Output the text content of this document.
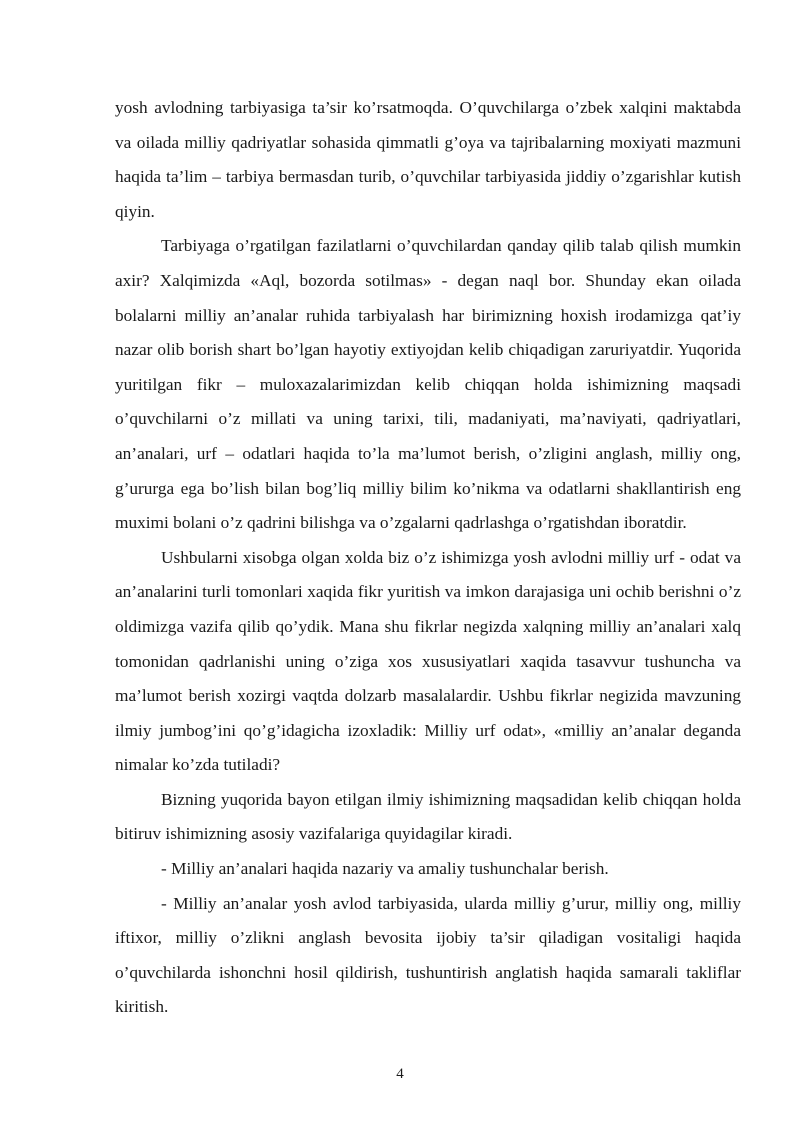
yosh avlodning tarbiyasiga ta’sir ko’rsatmoqda. O’quvchilarga o’zbek xalqini maktabda va oilada milliy qadriyatlar sohasida qimmatli g’oya va tajribalarning moxiyati mazmuni haqida ta’lim – tarbiya bermasdan turib, o’quvchilar tarbiyasida jiddiy o’zgarishlar kutish qiyin.

Tarbiyaga o’rgatilgan fazilatlarni o’quvchilardan qanday qilib talab qilish mumkin axir? Xalqimizda «Aql, bozorda sotilmas» - degan naql bor. Shunday ekan oilada bolalarni milliy an’analar ruhida tarbiyalash har birimizning hoxish irodamizga qat’iy nazar olib borish shart bo’lgan hayotiy extiyojdan kelib chiqadigan zaruriyatdir. Yuqorida yuritilgan fikr – muloxazalarimizdan kelib chiqqan holda ishimizning maqsadi o’quvchilarni o’z millati va uning tarixi, tili, madaniyati, ma’naviyati, qadriyatlari, an’analari, urf – odatlari haqida to’la ma’lumot berish, o’zligini anglash, milliy ong, g’ururga ega bo’lish bilan bog’liq milliy bilim ko’nikma va odatlarni shakllantirish eng muximi bolani o’z qadrini bilishga va o’zgalarni qadrlashga o’rgatishdan iboratdir.

Ushbularni xisobga olgan xolda biz o’z ishimizga yosh avlodni milliy urf - odat va an’analarini turli tomonlari xaqida fikr yuritish va imkon darajasiga uni ochib berishni o’z oldimizga vazifa qilib qo’ydik. Mana shu fikrlar negizda xalqning milliy an’analari xalq tomonidan qadrlanishi uning o’ziga xos xususiyatlari xaqida tasavvur tushuncha va ma’lumot berish xozirgi vaqtda dolzarb masalalardir. Ushbu fikrlar negizida mavzuning ilmiy jumbog’ini qo’g’idagicha izoxladik: Milliy urf odat», «milliy an’analar deganda nimalar ko’zda tutiladi?

Bizning yuqorida bayon etilgan ilmiy ishimizning maqsadidan kelib chiqqan holda bitiruv ishimizning asosiy vazifalariga quyidagilar kiradi.

- Milliy an’analari haqida nazariy va amaliy tushunchalar berish.

- Milliy an’analar yosh avlod tarbiyasida, ularda milliy g’urur, milliy ong, milliy iftixor, milliy o’zlikni anglash bevosita ijobiy ta’sir qiladigan vositaligi haqida o’quvchilarda ishonchni hosil qildirish, tushuntirish anglatish haqida samarali takliflar kiritish.

4
